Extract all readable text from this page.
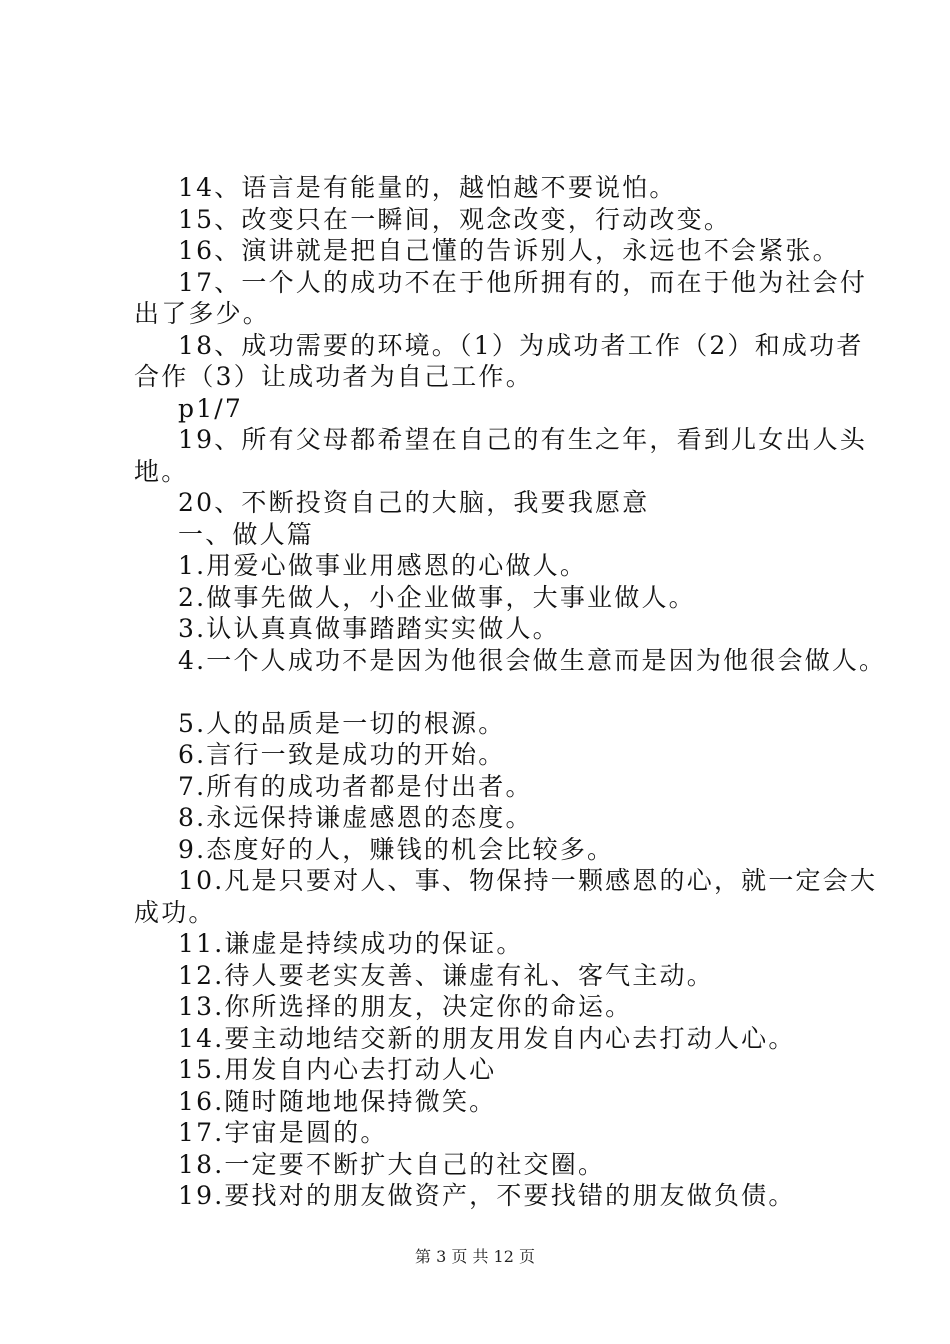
14、语言是有能量的，越怕越不要说怕。
15、改变只在一瞬间，观念改变，行动改变。
16、演讲就是把自己懂的告诉别人，永远也不会紧张。
17、一个人的成功不在于他所拥有的，而在于他为社会付
出了多少。
18、成功需要的环境。（1）为成功者工作（2）和成功者
合作（3）让成功者为自己工作。
p1/7
19、所有父母都希望在自己的有生之年，看到儿女出人头
地。
20、不断投资自己的大脑，我要我愿意
一、做人篇
1.用爱心做事业用感恩的心做人。
2.做事先做人，小企业做事，大事业做人。
3.认认真真做事踏踏实实做人。
4.一个人成功不是因为他很会做生意而是因为他很会做人。
5.人的品质是一切的根源。
6.言行一致是成功的开始。
7.所有的成功者都是付出者。
8.永远保持谦虚感恩的态度。
9.态度好的人，赚钱的机会比较多。
10.凡是只要对人、事、物保持一颗感恩的心，就一定会大
成功。
11.谦虚是持续成功的保证。
12.待人要老实友善、谦虚有礼、客气主动。
13.你所选择的朋友，决定你的命运。
14.要主动地结交新的朋友用发自内心去打动人心。
15.用发自内心去打动人心
16.随时随地地保持微笑。
17.宇宙是圆的。
18.一定要不断扩大自己的社交圈。
19.要找对的朋友做资产，不要找错的朋友做负债。
第 3 页 共 12 页
